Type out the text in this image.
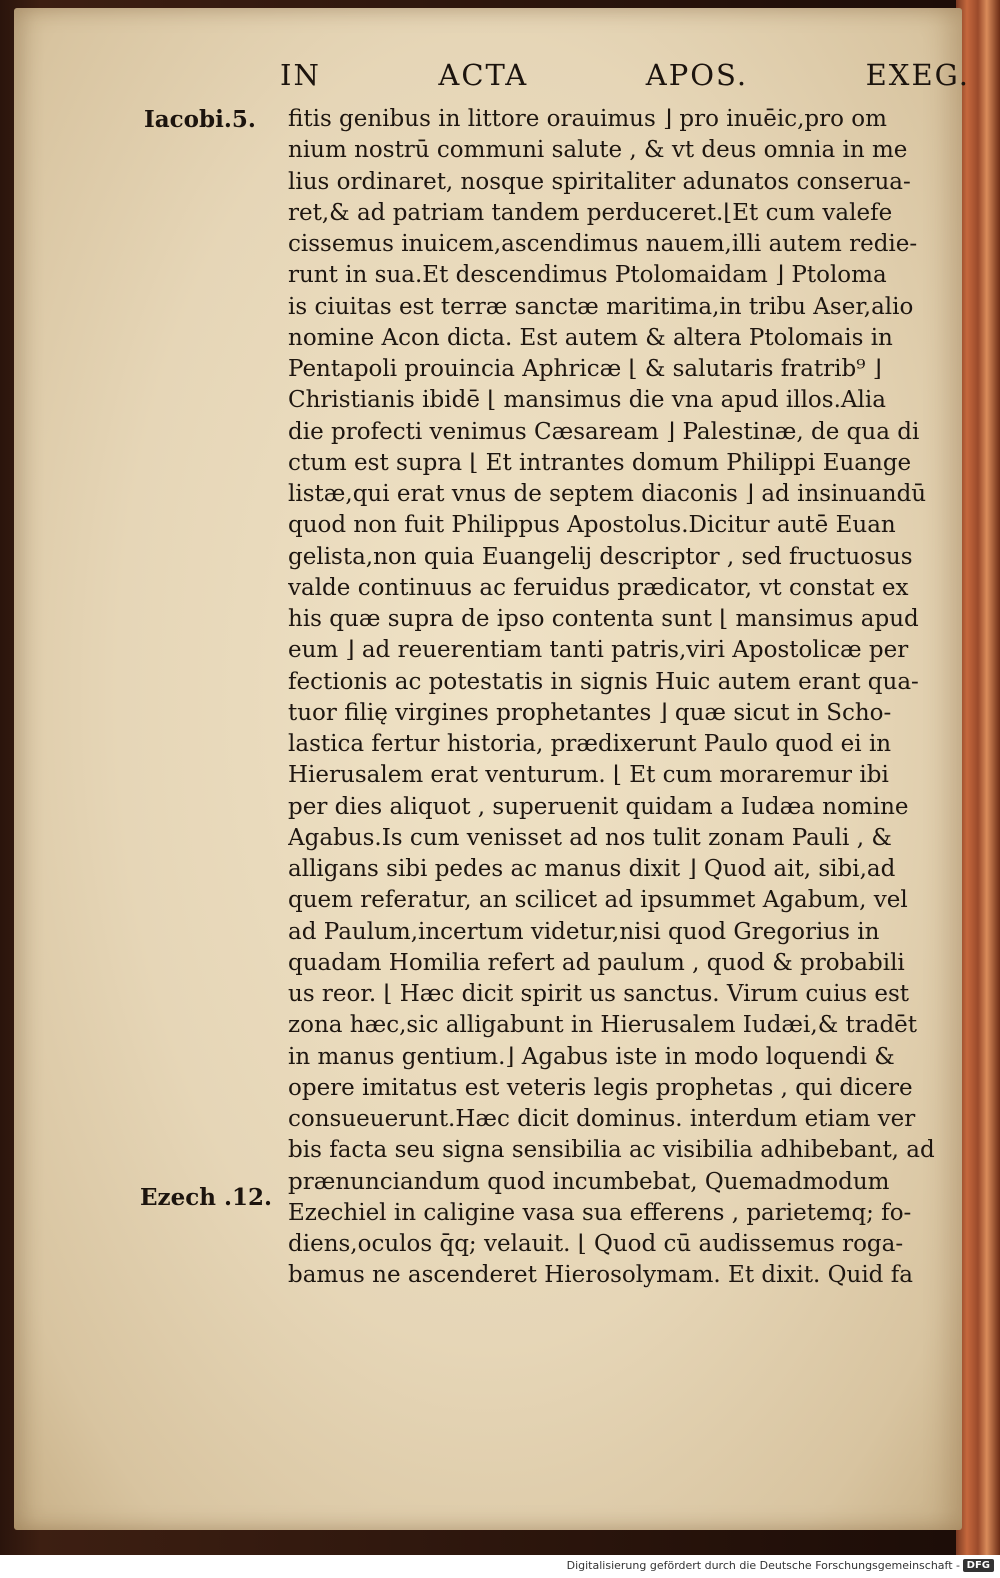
IN	ACTA	APOS.	EXEG.
Iacobi.5.
Ezech .12.
fitis genibus in littore orauimus ⌋ pro inuēic,pro om
nium nostrū communi salute , & vt deus omnia in me
lius ordinaret, nosque spiritaliter adunatos conserua-
ret,& ad patriam tandem perduceret.⌊Et cum valefe
cissemus inuicem,ascendimus nauem,illi autem redie-
runt in sua.Et descendimus Ptolomaidam ⌋ Ptoloma
is ciuitas est terræ sanctæ maritima,in tribu Aser,alio
nomine Acon dicta. Est autem & altera Ptolomais in
Pentapoli prouincia Aphricæ ⌊ & salutaris fratrib⁹ ⌋
Christianis ibidē ⌊ mansimus die vna apud illos.Alia
die profecti venimus Cæsaream ⌋ Palestinæ, de qua di
ctum est supra ⌊ Et intrantes domum Philippi Euange
listæ,qui erat vnus de septem diaconis ⌋ ad insinuandū
quod non fuit Philippus Apostolus.Dicitur autē Euan
gelista,non quia Euangelij descriptor , sed fructuosus
valde continuus ac feruidus prædicator, vt constat ex
his quæ supra de ipso contenta sunt ⌊ mansimus apud
eum ⌋ ad reuerentiam tanti patris,viri Apostolicæ per
fectionis ac potestatis in signis Huic autem erant qua-
tuor filię virgines prophetantes ⌋ quæ sicut in Scho-
lastica fertur historia, prædixerunt Paulo quod ei in
Hierusalem erat venturum. ⌊ Et cum moraremur ibi
per dies aliquot , superuenit quidam a Iudæa nomine
Agabus.Is cum venisset ad nos tulit zonam Pauli , &
alligans sibi pedes ac manus dixit ⌋ Quod ait, sibi,ad
quem referatur, an scilicet ad ipsummet Agabum, vel
ad Paulum,incertum videtur,nisi quod Gregorius in
quadam Homilia refert ad paulum , quod & probabili
us reor. ⌊ Hæc dicit spirit us sanctus. Virum cuius est
zona hæc,sic alligabunt in Hierusalem Iudæi,& tradēt
in manus gentium.⌋ Agabus iste in modo loquendi &
opere imitatus est veteris legis prophetas , qui dicere
consueuerunt.Hæc dicit dominus. interdum etiam ver
bis facta seu signa sensibilia ac visibilia adhibebant, ad
prænunciandum quod incumbebat, Quemadmodum
Ezechiel in caligine vasa sua efferens , parietemq; fo-
diens,oculos q̄q; velauit. ⌊ Quod cū audissemus roga-
bamus ne ascenderet Hierosolymam. Et dixit. Quid fa
Digitalisierung gefördert durch die Deutsche Forschungsgemeinschaft - DFG
